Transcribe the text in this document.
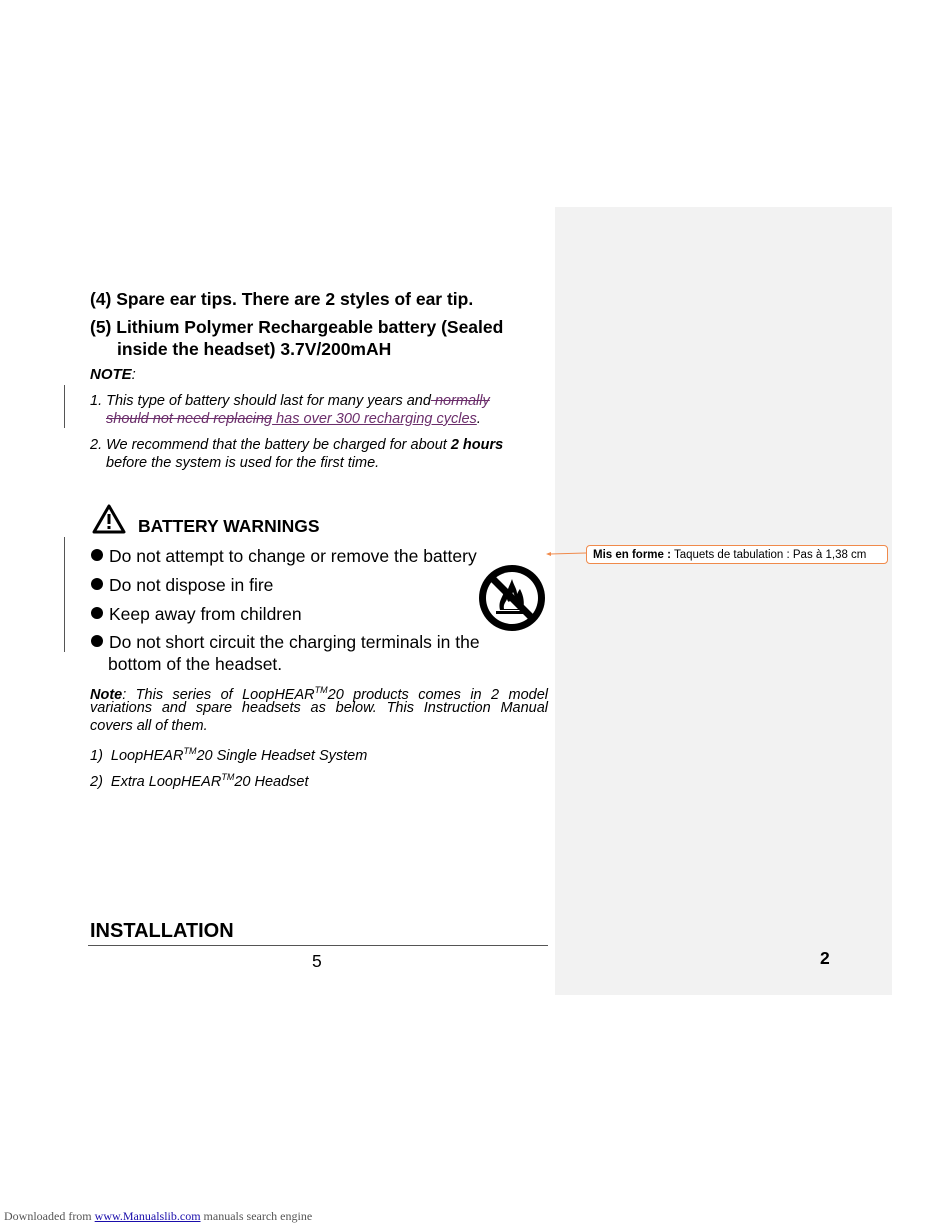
(4) Spare ear tips. There are 2 styles of ear tip.
(5) Lithium Polymer Rechargeable battery (Sealed
inside the headset) 3.7V/200mAH
NOTE:
1. This type of battery should last for many years and normally
should not need replacing has over 300 recharging cycles.
2. We recommend that the battery be charged for about 2 hours
before the system is used for the first time.
BATTERY WARNINGS
Do not attempt to change or remove the battery
Do not dispose in fire
Keep away from children
Do not short circuit the charging terminals in the
bottom of the headset.
Note: This series of LoopHEAR™20 products comes in 2 model
variations and spare headsets as below. This Instruction Manual
covers all of them.
1) LoopHEAR™20 Single Headset System
2) Extra LoopHEAR™20 Headset
INSTALLATION
5	2
Mis en forme : Taquets de tabulation : Pas à 1,38 cm
Downloaded from www.Manualslib.com manuals search engine
